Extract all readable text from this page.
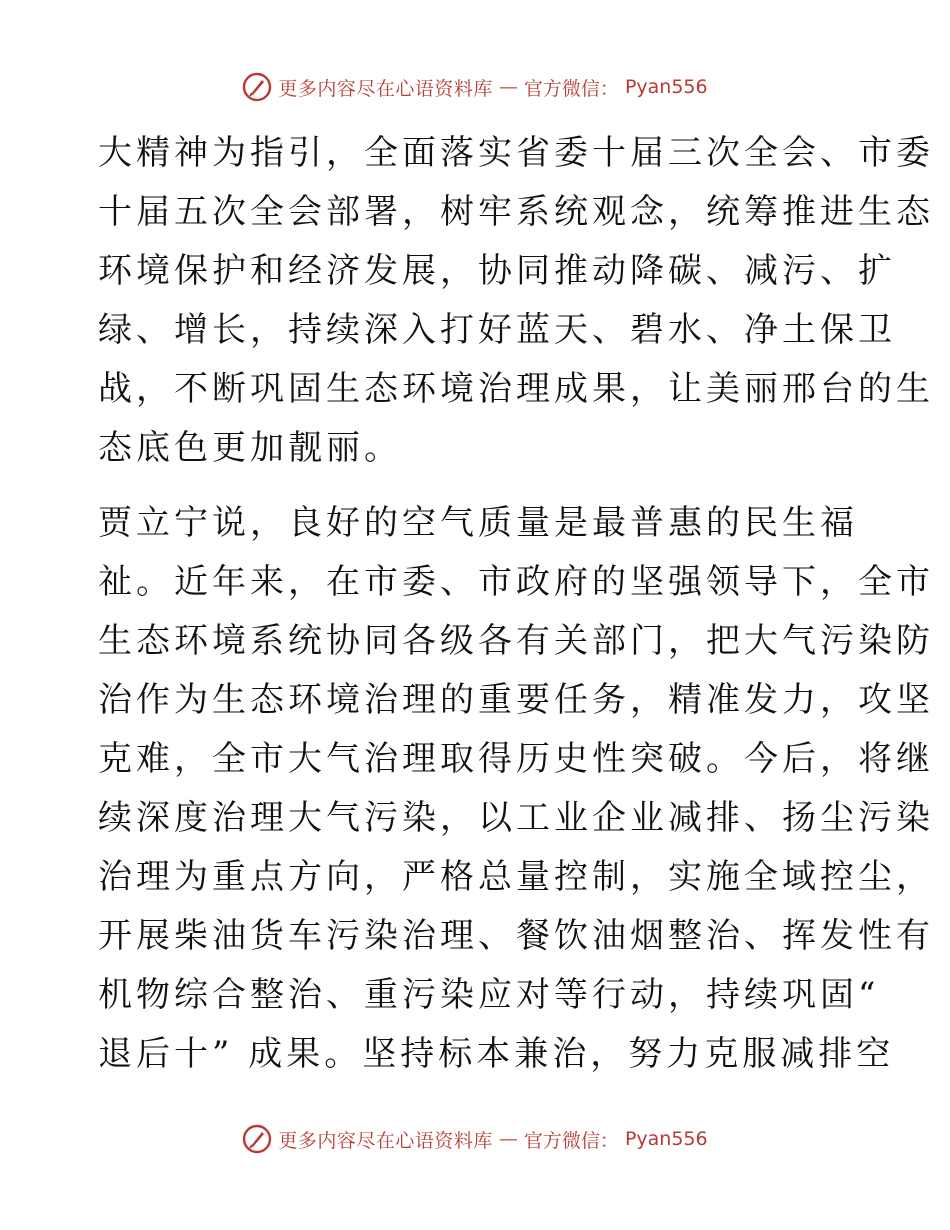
更多内容尽在心语资料库 — 官方微信： Pyan556

大精神为指引，全面落实省委十届三次全会、市委
十届五次全会部署，树牢系统观念，统筹推进生态
环境保护和经济发展，协同推动降碳、减污、扩
绿、增长，持续深入打好蓝天、碧水、净土保卫
战，不断巩固生态环境治理成果，让美丽邢台的生
态底色更加靓丽。

贾立宁说，良好的空气质量是最普惠的民生福
祉。近年来，在市委、市政府的坚强领导下，全市
生态环境系统协同各级各有关部门，把大气污染防
治作为生态环境治理的重要任务，精准发力，攻坚
克难，全市大气治理取得历史性突破。今后，将继
续深度治理大气污染，以工业企业减排、扬尘污染
治理为重点方向，严格总量控制，实施全域控尘，
开展柴油货车污染治理、餐饮油烟整治、挥发性有
机物综合整治、重污染应对等行动，持续巩固“
退后十” 成果。坚持标本兼治，努力克服减排空

更多内容尽在心语资料库 — 官方微信： Pyan556
